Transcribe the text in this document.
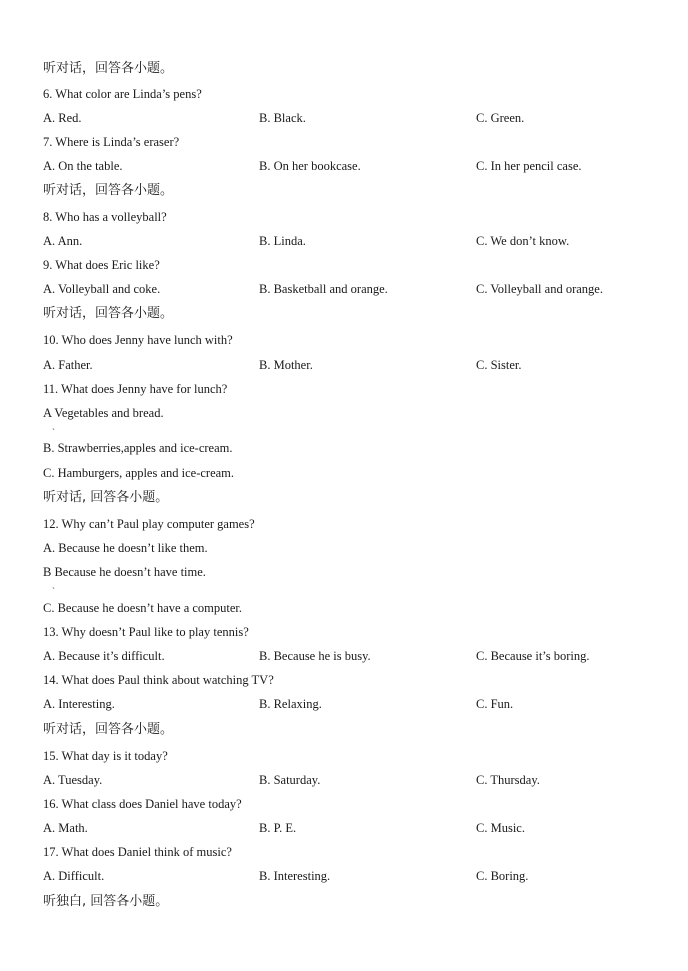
听对话，回答各小题。
6. What color are Linda’s pens?
A. Red.	B. Black.	C. Green.
7. Where is Linda’s eraser?
A. On the table.	B. On her bookcase.	C. In her pencil case.
听对话，回答各小题。
8. Who has a volleyball?
A. Ann.	B. Linda.	C. We don’t know.
9. What does Eric like?
A. Volleyball and coke.	B. Basketball and orange.	C. Volleyball and orange.
听对话，回答各小题。
10. Who does Jenny have lunch with?
A. Father.	B. Mother.	C. Sister.
11. What does Jenny have for lunch?
A Vegetables and bread.
ˏ
B. Strawberries,apples and ice-cream.
C. Hamburgers, apples and ice-cream.
听对话, 回答各小题。
12. Why can’t Paul play computer games?
A. Because he doesn’t like them.
B Because he doesn’t have time.
ˏ
C. Because he doesn’t have a computer.
13. Why doesn’t Paul like to play tennis?
A. Because it’s difficult.	B. Because he is busy.	C. Because it’s boring.
14. What does Paul think about watching TV?
A. Interesting.	B. Relaxing.	C. Fun.
听对话，回答各小题。
15. What day is it today?
A. Tuesday.	B. Saturday.	C. Thursday.
16. What class does Daniel have today?
A. Math.	B. P. E.	C. Music.
17. What does Daniel think of music?
A. Difficult.	B. Interesting.	C. Boring.
听独白, 回答各小题。
